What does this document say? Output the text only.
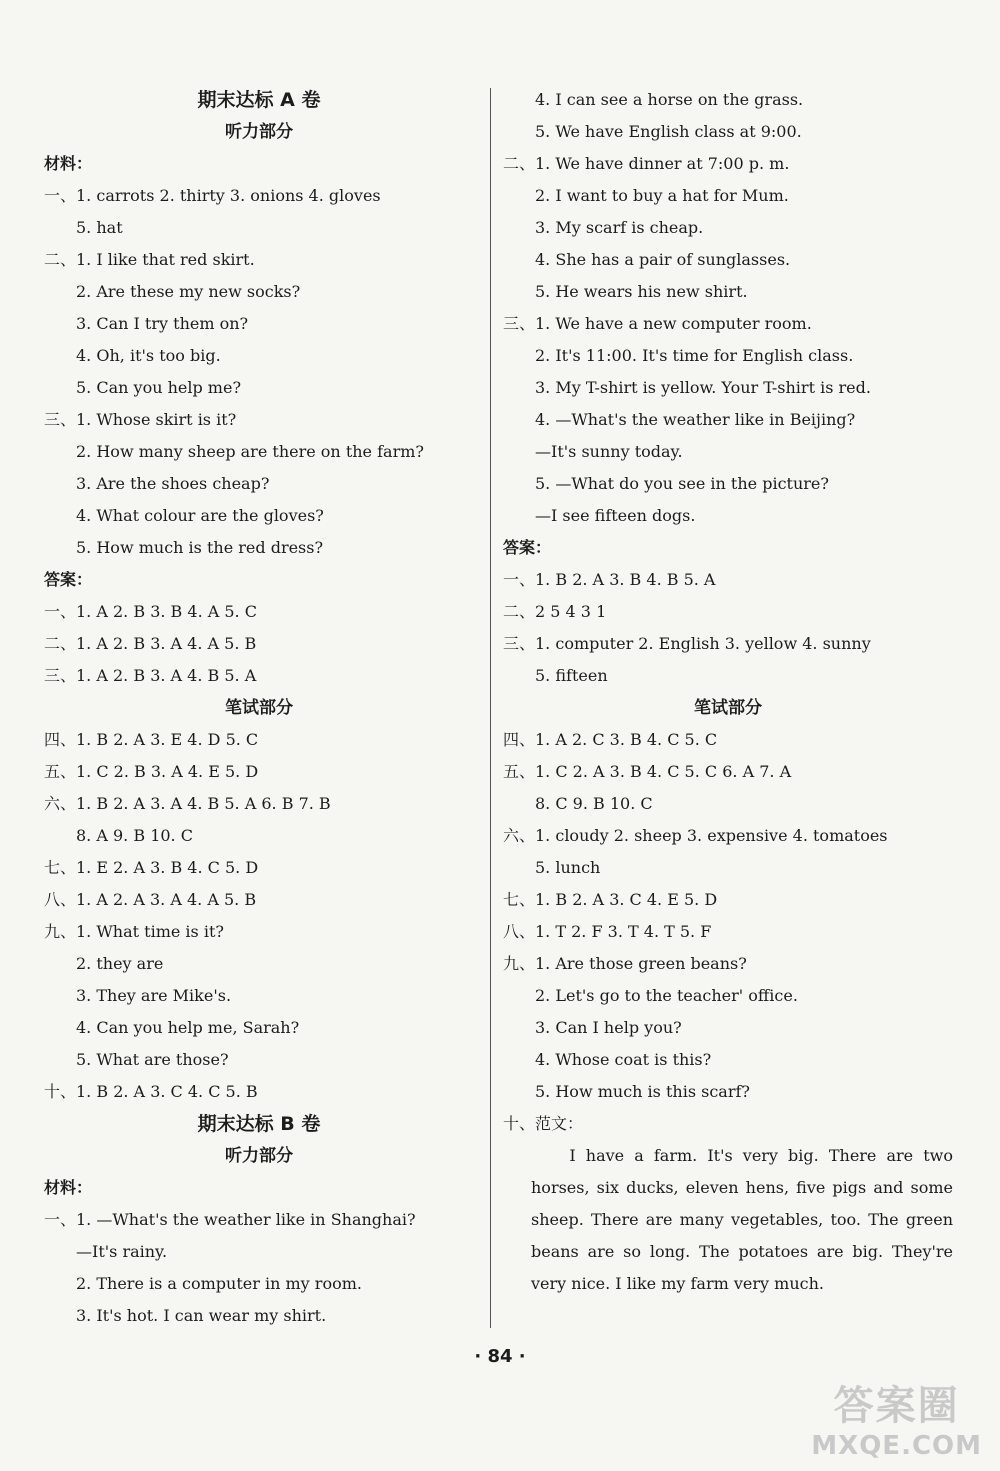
期末达标 A 卷
听力部分
材料：
一、1. carrots 2. thirty 3. onions 4. gloves
5. hat
二、1. I like that red skirt.
2. Are these my new socks?
3. Can I try them on?
4. Oh, it's too big.
5. Can you help me?
三、1. Whose skirt is it?
2. How many sheep are there on the farm?
3. Are the shoes cheap?
4. What colour are the gloves?
5. How much is the red dress?
答案：
一、1. A 2. B 3. B 4. A 5. C
二、1. A 2. B 3. A 4. A 5. B
三、1. A 2. B 3. A 4. B 5. A
笔试部分
四、1. B 2. A 3. E 4. D 5. C
五、1. C 2. B 3. A 4. E 5. D
六、1. B 2. A 3. A 4. B 5. A 6. B 7. B
8. A 9. B 10. C
七、1. E 2. A 3. B 4. C 5. D
八、1. A 2. A 3. A 4. A 5. B
九、1. What time is it?
2. they are
3. They are Mike's.
4. Can you help me, Sarah?
5. What are those?
十、1. B 2. A 3. C 4. C 5. B
期末达标 B 卷
听力部分
材料：
一、1. —What's the weather like in Shanghai?
—It's rainy.
2. There is a computer in my room.
3. It's hot. I can wear my shirt.
4. I can see a horse on the grass.
5. We have English class at 9:00.
二、1. We have dinner at 7:00 p. m.
2. I want to buy a hat for Mum.
3. My scarf is cheap.
4. She has a pair of sunglasses.
5. He wears his new shirt.
三、1. We have a new computer room.
2. It's 11:00. It's time for English class.
3. My T-shirt is yellow. Your T-shirt is red.
4. —What's the weather like in Beijing?
—It's sunny today.
5. —What do you see in the picture?
—I see fifteen dogs.
答案：
一、1. B 2. A 3. B 4. B 5. A
二、2 5 4 3 1
三、1. computer 2. English 3. yellow 4. sunny
5. fifteen
笔试部分
四、1. A 2. C 3. B 4. C 5. C
五、1. C 2. A 3. B 4. C 5. C 6. A 7. A
8. C 9. B 10. C
六、1. cloudy 2. sheep 3. expensive 4. tomatoes
5. lunch
七、1. B 2. A 3. C 4. E 5. D
八、1. T 2. F 3. T 4. T 5. F
九、1. Are those green beans?
2. Let's go to the teacher' office.
3. Can I help you?
4. Whose coat is this?
5. How much is this scarf?
十、范文：
I have a farm. It's very big. There are two horses, six ducks, eleven hens, five pigs and some sheep. There are many vegetables, too. The green beans are so long. The potatoes are big. They're very nice. I like my farm very much.
· 84 ·
答案圈
MXQE.COM
